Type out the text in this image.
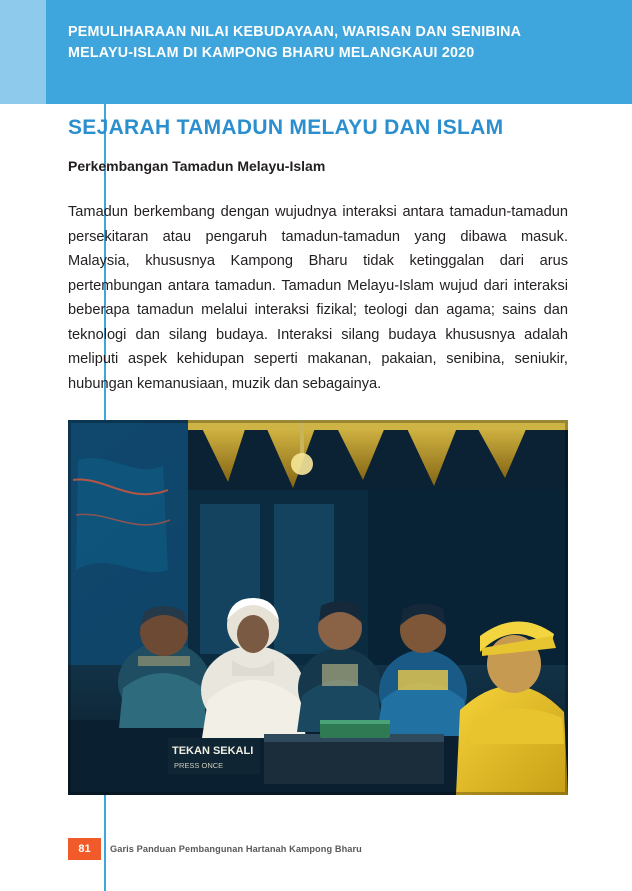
PEMULIHARAAN NILAI KEBUDAYAAN, WARISAN DAN SENIBINA MELAYU-ISLAM DI KAMPONG BHARU MELANGKAUI 2020
SEJARAH TAMADUN MELAYU DAN ISLAM
Perkembangan Tamadun Melayu-Islam
Tamadun berkembang dengan wujudnya interaksi antara tamadun-tamadun persekitaran atau pengaruh tamadun-tamadun yang dibawa masuk. Malaysia, khususnya Kampong Bharu tidak ketinggalan dari arus pertembungan antara tamadun. Tamadun Melayu-Islam wujud dari interaksi beberapa tamadun melalui interaksi fizikal; teologi dan agama; sains dan teknologi dan silang budaya. Interaksi silang budaya khususnya adalah meliputi aspek kehidupan seperti makanan, pakaian, senibina, seniukir, hubungan kemanusiaan, muzik dan sebagainya.
TEKAN SEKALI
PRESS ONCE
81	Garis Panduan Pembangunan Hartanah Kampong Bharu
